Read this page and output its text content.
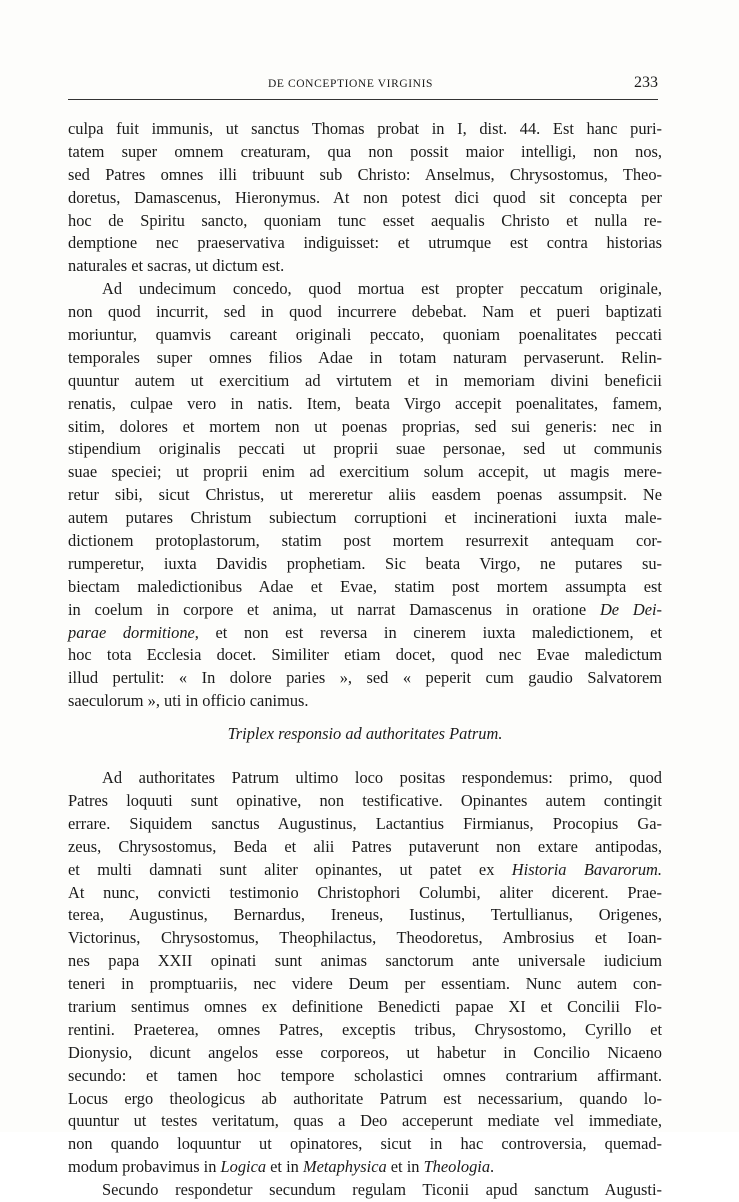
DE CONCEPTIONE VIRGINIS	233
culpa fuit immunis, ut sanctus Thomas probat in I, dist. 44. Est hanc puri-
tatem super omnem creaturam, qua non possit maior intelligi, non nos,
sed Patres omnes illi tribuunt sub Christo: Anselmus, Chrysostomus, Theo-
doretus, Damascenus, Hieronymus. At non potest dici quod sit concepta per
hoc de Spiritu sancto, quoniam tunc esset aequalis Christo et nulla re-
demptione nec praeservativa indiguisset: et utrumque est contra historias
naturales et sacras, ut dictum est.
Ad undecimum concedo, quod mortua est propter peccatum originale,
non quod incurrit, sed in quod incurrere debebat. Nam et pueri baptizati
moriuntur, quamvis careant originali peccato, quoniam poenalitates peccati
temporales super omnes filios Adae in totam naturam pervaserunt. Relin-
quuntur autem ut exercitium ad virtutem et in memoriam divini beneficii
renatis, culpae vero in natis. Item, beata Virgo accepit poenalitates, famem,
sitim, dolores et mortem non ut poenas proprias, sed sui generis: nec in
stipendium originalis peccati ut proprii suae personae, sed ut communis
suae speciei; ut proprii enim ad exercitium solum accepit, ut magis mere-
retur sibi, sicut Christus, ut mereretur aliis easdem poenas assumpsit. Ne
autem putares Christum subiectum corruptioni et incinerationi iuxta male-
dictionem protoplastorum, statim post mortem resurrexit antequam cor-
rumperetur, iuxta Davidis prophetiam. Sic beata Virgo, ne putares su-
biectam maledictionibus Adae et Evae, statim post mortem assumpta est
in coelum in corpore et anima, ut narrat Damascenus in oratione De Dei-
parae dormitione, et non est reversa in cinerem iuxta maledictionem, et
hoc tota Ecclesia docet. Similiter etiam docet, quod nec Evae maledictum
illud pertulit: « In dolore paries », sed « peperit cum gaudio Salvatorem
saeculorum », uti in officio canimus.
Triplex responsio ad authoritates Patrum.
Ad authoritates Patrum ultimo loco positas respondemus: primo, quod
Patres loquuti sunt opinative, non testificative. Opinantes autem contingit
errare. Siquidem sanctus Augustinus, Lactantius Firmianus, Procopius Ga-
zeus, Chrysostomus, Beda et alii Patres putaverunt non extare antipodas,
et multi damnati sunt aliter opinantes, ut patet ex Historia Bavarorum.
At nunc, convicti testimonio Christophori Columbi, aliter dicerent. Prae-
terea, Augustinus, Bernardus, Ireneus, Iustinus, Tertullianus, Origenes,
Victorinus, Chrysostomus, Theophilactus, Theodoretus, Ambrosius et Ioan-
nes papa XXII opinati sunt animas sanctorum ante universale iudicium
teneri in promptuariis, nec videre Deum per essentiam. Nunc autem con-
trarium sentimus omnes ex definitione Benedicti papae XI et Concilii Flo-
rentini. Praeterea, omnes Patres, exceptis tribus, Chrysostomo, Cyrillo et
Dionysio, dicunt angelos esse corporeos, ut habetur in Concilio Nicaeno
secundo: et tamen hoc tempore scholastici omnes contrarium affirmant.
Locus ergo theologicus ab authoritate Patrum est necessarium, quando lo-
quuntur ut testes veritatum, quas a Deo acceperunt mediate vel immediate,
non quando loquuntur ut opinatores, sicut in hac controversia, quemad-
modum probavimus in Logica et in Metaphysica et in Theologia.
Secundo respondetur secundum regulam Ticonii apud sanctum Augusti-
